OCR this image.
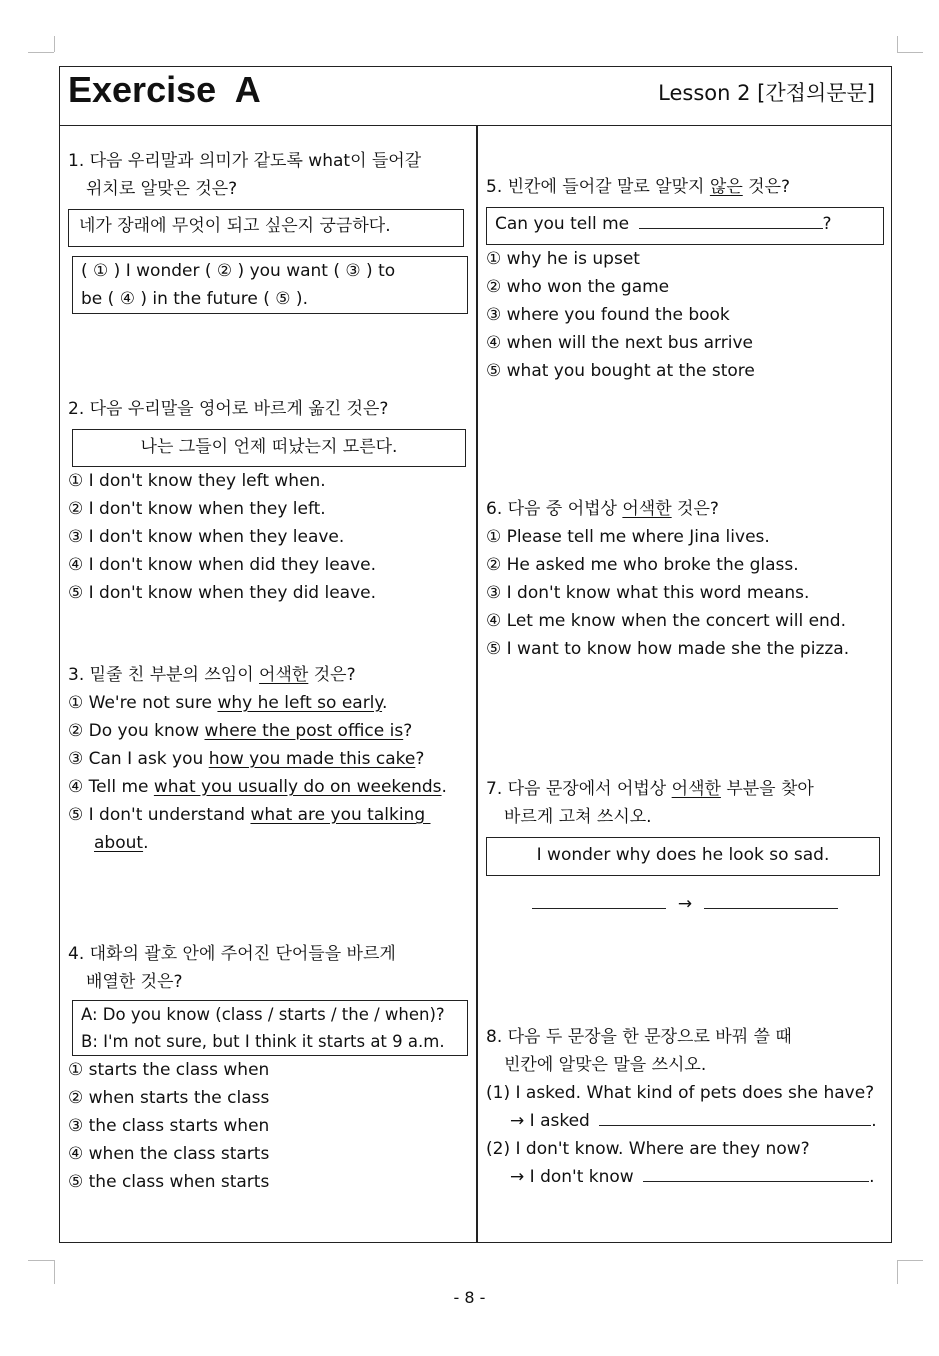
Exercise  A	Lesson 2 [간접의문문]
1. 다음 우리말과 의미가 같도록 what이 들어갈
위치로 알맞은 것은?
네가 장래에 무엇이 되고 싶은지 궁금하다.
( ① ) I wonder ( ② ) you want ( ③ ) to
be ( ④ ) in the future ( ⑤ ).
2. 다음 우리말을 영어로 바르게 옮긴 것은?
나는 그들이 언제 떠났는지 모른다.
① I don't know they left when.
② I don't know when they left.
③ I don't know when they leave.
④ I don't know when did they leave.
⑤ I don't know when they did leave.
3. 밑줄 친 부분의 쓰임이 어색한 것은?
① We're not sure why he left so early.
② Do you know where the post office is?
③ Can I ask you how you made this cake?
④ Tell me what you usually do on weekends.
⑤ I don't understand what are you talking
about.
4. 대화의 괄호 안에 주어진 단어들을 바르게
배열한 것은?
A: Do you know (class / starts / the / when)?
B: I'm not sure, but I think it starts at 9 a.m.
① starts the class when
② when starts the class
③ the class starts when
④ when the class starts
⑤ the class when starts
5. 빈칸에 들어갈 말로 알맞지 않은 것은?
Can you tell me	?
① why he is upset
② who won the game
③ where you found the book
④ when will the next bus arrive
⑤ what you bought at the store
6. 다음 중 어법상 어색한 것은?
① Please tell me where Jina lives.
② He asked me who broke the glass.
③ I don't know what this word means.
④ Let me know when the concert will end.
⑤ I want to know how made she the pizza.
7. 다음 문장에서 어법상 어색한 부분을 찾아
바르게 고쳐 쓰시오.
I wonder why does he look so sad.
→
8. 다음 두 문장을 한 문장으로 바꿔 쓸 때
빈칸에 알맞은 말을 쓰시오.
(1) I asked. What kind of pets does she have?
→ I asked	.
(2) I don't know. Where are they now?
→ I don't know	.
- 8 -
